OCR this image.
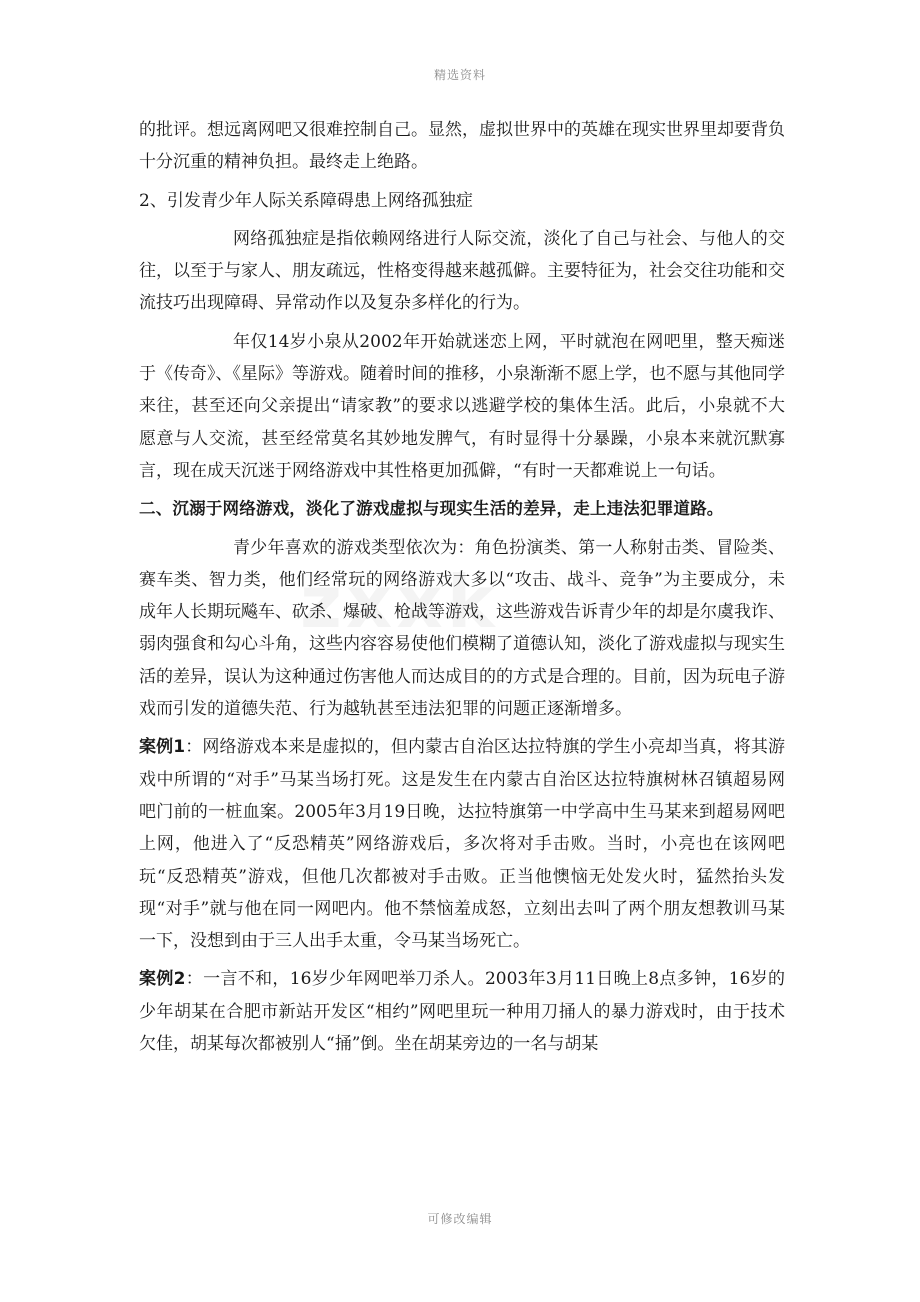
精选资料

的批评。想远离网吧又很难控制自己。显然，虚拟世界中的英雄在现实世界里却要背负十分沉重的精神负担。最终走上绝路。

2、引发青少年人际关系障碍患上网络孤独症

网络孤独症是指依赖网络进行人际交流，淡化了自己与社会、与他人的交往，以至于与家人、朋友疏远，性格变得越来越孤僻。主要特征为，社会交往功能和交流技巧出现障碍、异常动作以及复杂多样化的行为。

年仅14岁小泉从2002年开始就迷恋上网，平时就泡在网吧里，整天痴迷于《传奇》、《星际》等游戏。随着时间的推移，小泉渐渐不愿上学，也不愿与其他同学来往，甚至还向父亲提出“请家教”的要求以逃避学校的集体生活。此后，小泉就不大愿意与人交流，甚至经常莫名其妙地发脾气，有时显得十分暴躁，小泉本来就沉默寡言，现在成天沉迷于网络游戏中其性格更加孤僻，“有时一天都难说上一句话。

二、沉溺于网络游戏，淡化了游戏虚拟与现实生活的差异，走上违法犯罪道路。

青少年喜欢的游戏类型依次为：角色扮演类、第一人称射击类、冒险类、赛车类、智力类，他们经常玩的网络游戏大多以“攻击、战斗、竞争”为主要成分，未成年人长期玩飚车、砍杀、爆破、枪战等游戏，这些游戏告诉青少年的却是尔虞我诈、弱肉强食和勾心斗角，这些内容容易使他们模糊了道德认知，淡化了游戏虚拟与现实生活的差异，误认为这种通过伤害他人而达成目的的方式是合理的。目前，因为玩电子游戏而引发的道德失范、行为越轨甚至违法犯罪的问题正逐渐增多。

案例1：网络游戏本来是虚拟的，但内蒙古自治区达拉特旗的学生小亮却当真，将其游戏中所谓的“对手”马某当场打死。这是发生在内蒙古自治区达拉特旗树林召镇超易网吧门前的一桩血案。2005年3月19日晚，达拉特旗第一中学高中生马某来到超易网吧上网，他进入了“反恐精英”网络游戏后，多次将对手击败。当时，小亮也在该网吧玩“反恐精英”游戏，但他几次都被对手击败。正当他懊恼无处发火时，猛然抬头发现“对手”就与他在同一网吧内。他不禁恼羞成怒，立刻出去叫了两个朋友想教训马某一下，没想到由于三人出手太重，令马某当场死亡。

案例2：一言不和，16岁少年网吧举刀杀人。2003年3月11日晚上8点多钟，16岁的少年胡某在合肥市新站开发区“相约”网吧里玩一种用刀捅人的暴力游戏时，由于技术欠佳，胡某每次都被别人“捅”倒。坐在胡某旁边的一名与胡某

可修改编辑
